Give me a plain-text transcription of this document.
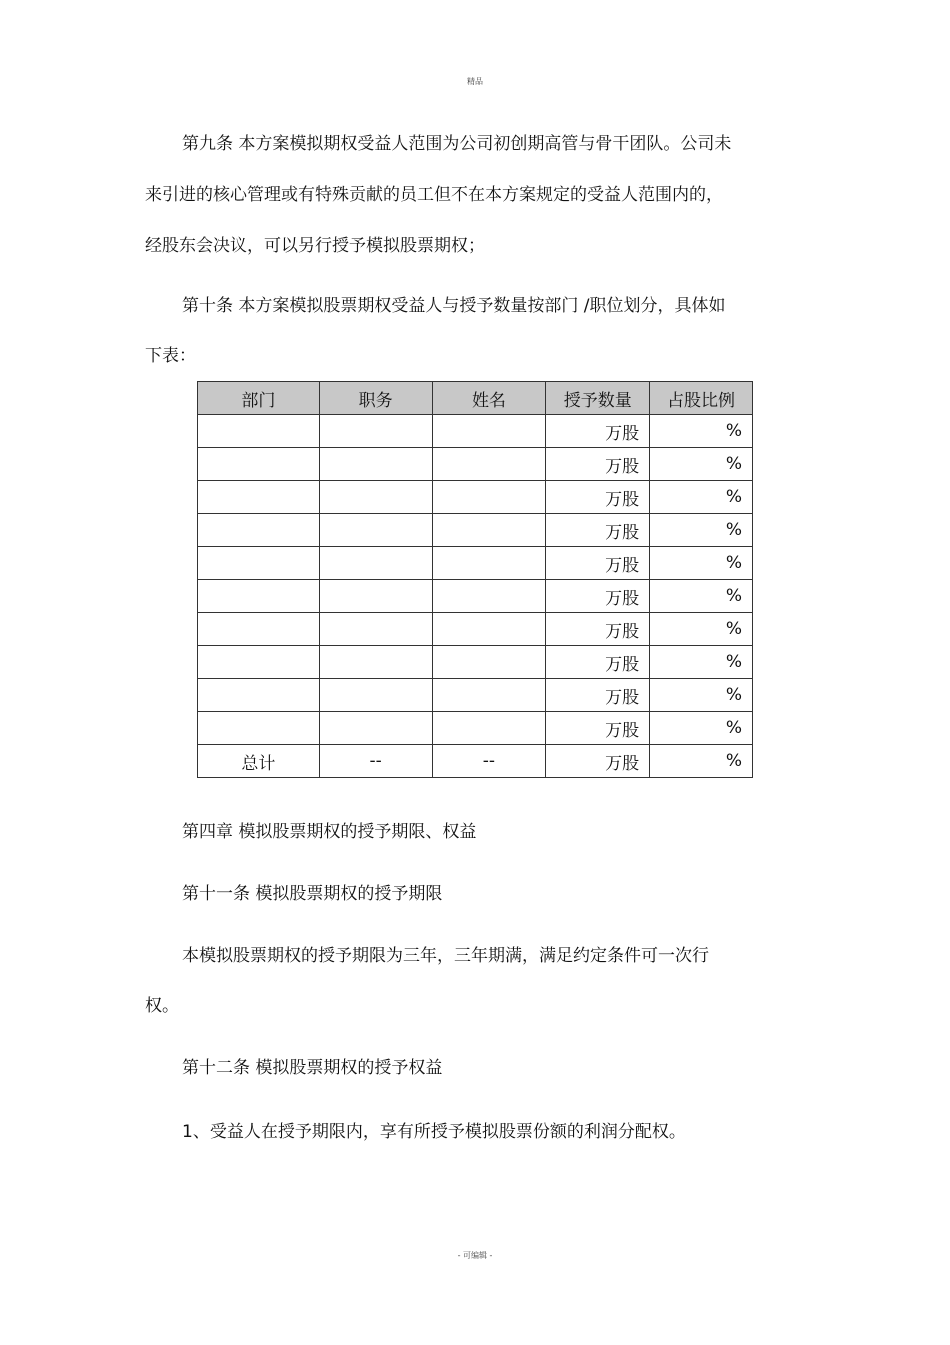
精品
第九条 本方案模拟期权受益人范围为公司初创期高管与骨干团队。公司未
来引进的核心管理或有特殊贡献的员工但不在本方案规定的受益人范围内的，
经股东会决议，可以另行授予模拟股票期权；
第十条 本方案模拟股票期权受益人与授予数量按部门 /职位划分，具体如
下表：
部门	职务	姓名	授予数量	占股比例
			万股	%
			万股	%
			万股	%
			万股	%
			万股	%
			万股	%
			万股	%
			万股	%
			万股	%
			万股	%
总计	--	--	万股	%
第四章 模拟股票期权的授予期限、权益
第十一条 模拟股票期权的授予期限
本模拟股票期权的授予期限为三年，三年期满，满足约定条件可一次行
权。
第十二条 模拟股票期权的授予权益
1、受益人在授予期限内，享有所授予模拟股票份额的利润分配权。
- 可编辑 -
